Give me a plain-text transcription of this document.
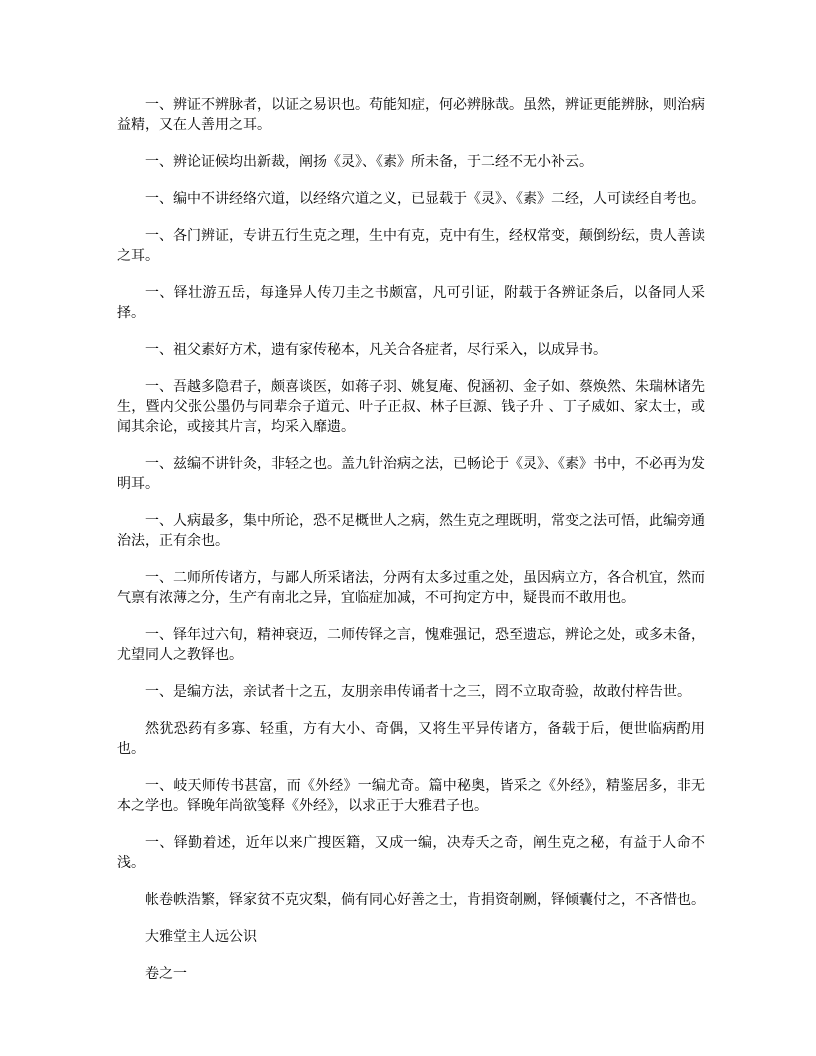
一、辨证不辨脉者，以证之易识也。苟能知症，何必辨脉哉。虽然，辨证更能辨脉，则治病益精，又在人善用之耳。

一、辨论证候均出新裁，阐扬《灵》、《素》所未备，于二经不无小补云。

一、编中不讲经络穴道，以经络穴道之义，已显载于《灵》、《素》二经，人可读经自考也。

一、各门辨证，专讲五行生克之理，生中有克，克中有生，经权常变，颠倒纷纭，贵人善读之耳。

一、铎壮游五岳，每逢异人传刀圭之书颇富，凡可引证，附载于各辨证条后，以备同人采择。

一、祖父素好方术，遗有家传秘本，凡关合各症者，尽行采入，以成异书。

一、吾越多隐君子，颇喜谈医，如蒋子羽、姚复庵、倪涵初、金子如、蔡焕然、朱瑞林诸先生，暨内父张公墨仍与同辈佘子道元、叶子正叔、林子巨源、钱子升 、丁子威如、家太士，或闻其余论，或接其片言，均采入靡遗。

一、兹编不讲针灸，非轻之也。盖九针治病之法，已畅论于《灵》、《素》书中，不必再为发明耳。

一、人病最多，集中所论，恐不足概世人之病，然生克之理既明，常变之法可悟，此编旁通治法，正有余也。

一、二师所传诸方，与鄙人所采诸法，分两有太多过重之处，虽因病立方，各合机宜，然而气禀有浓薄之分，生产有南北之异，宜临症加减，不可拘定方中，疑畏而不敢用也。

一、铎年过六旬，精神衰迈，二师传铎之言，愧难强记，恐至遗忘，辨论之处，或多未备，尤望同人之教铎也。

一、是编方法，亲试者十之五，友朋亲串传诵者十之三，罔不立取奇验，故敢付梓告世。

然犹恐药有多寡、轻重，方有大小、奇偶，又将生平异传诸方，备载于后，便世临病酌用也。

一、岐天师传书甚富，而《外经》一编尤奇。篇中秘奥，皆采之《外经》，精鉴居多，非无本之学也。铎晚年尚欲笺释《外经》，以求正于大雅君子也。

一、铎勤着述，近年以来广搜医籍，又成一编，决寿夭之奇，阐生克之秘，有益于人命不浅。

帐卷帙浩繁，铎家贫不克灾梨，倘有同心好善之士，肯捐资剞劂，铎倾囊付之，不吝惜也。

大雅堂主人远公识

卷之一
